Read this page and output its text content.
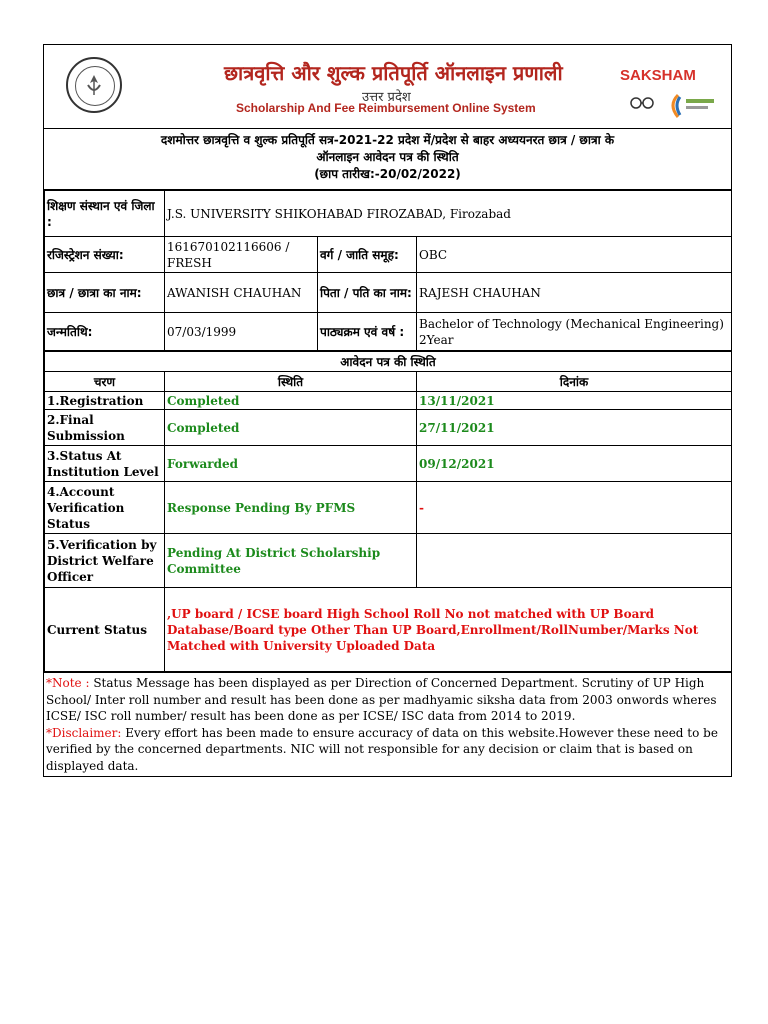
छात्रवृत्ति और शुल्क प्रतिपूर्ति ऑनलाइन प्रणाली
उत्तर प्रदेश
Scholarship And Fee Reimbursement Online System
SAKSHAM
दशमोत्तर छात्रवृत्ति व शुल्क प्रतिपूर्ति सत्र-2021-22 प्रदेश में/प्रदेश से बाहर अध्ययनरत छात्र / छात्रा के
ऑनलाइन आवेदन पत्र की स्थिति
(छाप तारीख:-20/02/2022)
शिक्षण संस्थान एवं जिला :	J.S. UNIVERSITY SHIKOHABAD FIROZABAD, Firozabad		
रजिस्ट्रेशन संख्या:	161670102116606 / FRESH	वर्ग / जाति समूह:	OBC
छात्र / छात्रा का नाम:	AWANISH CHAUHAN	पिता / पति का नाम:	RAJESH CHAUHAN
जन्मतिथि:	07/03/1999	पाठ्यक्रम एवं वर्ष :	Bachelor of Technology (Mechanical Engineering) 2Year
आवेदन पत्र की स्थिति		
चरण	स्थिति	दिनांक
1.Registration	Completed	13/11/2021
2.Final Submission	Completed	27/11/2021
3.Status At Institution Level	Forwarded	09/12/2021
4.Account Verification Status	Response Pending By PFMS	-
5.Verification by District Welfare Officer	Pending At District Scholarship Committee	
Current Status	,UP board / ICSE board High School Roll No not matched with UP Board Database/Board type Other Than UP Board,Enrollment/RollNumber/Marks Not Matched with University Uploaded Data	
*Note : Status Message has been displayed as per Direction of Concerned Department. Scrutiny of UP High School/ Inter roll number and result has been done as per madhyamic siksha data from 2003 onwords wheres ICSE/ ISC roll number/ result has been done as per ICSE/ ISC data from 2014 to 2019.
*Disclaimer: Every effort has been made to ensure accuracy of data on this website.However these need to be verified by the concerned departments. NIC will not responsible for any decision or claim that is based on displayed data.
